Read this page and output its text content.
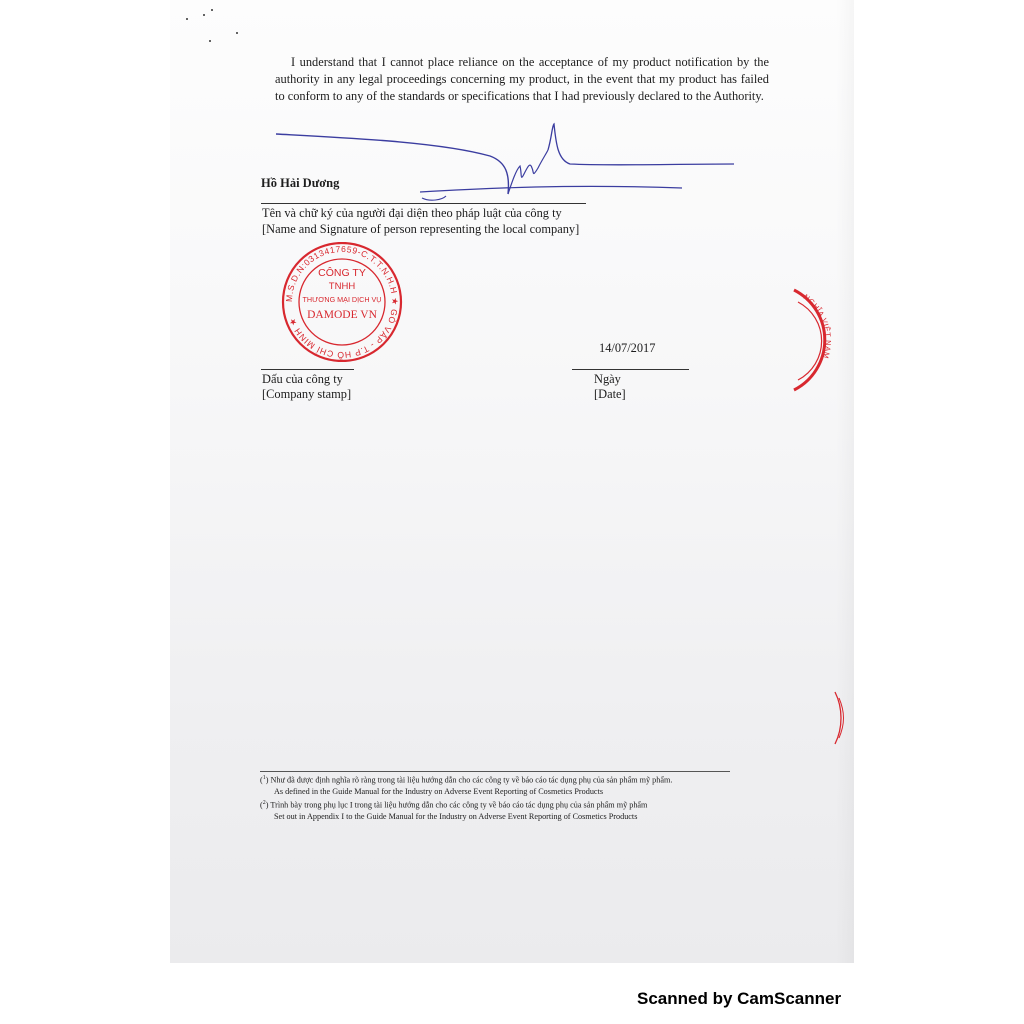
I understand that I cannot place reliance on the acceptance of my product notification by the authority in any legal proceedings concerning my product, in the event that my product has failed to conform to any of the standards or specifications that I had previously declared to the Authority.

Hồ Hải Dương
Tên và chữ ký của người đại diện theo pháp luật của công ty
[Name and Signature of person representing the local company]
M.S.D.N:0313417659-C.T.T.N.H.H ★ GÒ VẤP - T.P HỒ CHÍ MINH ★
CÔNG TY
TNHH
THƯƠNG MẠI DỊCH VỤ
DAMODE VN
14/07/2017
Dấu của công ty
[Company stamp]
Ngày
[Date]
NGHĨA VIỆT NAM
($^1$) Như đã được định nghĩa rõ ràng trong tài liệu hướng dẫn cho các công ty về báo cáo tác dụng phụ của sản phẩm mỹ phẩm.
As defined in the Guide Manual for the Industry on Adverse Event Reporting of Cosmetics Products
($^2$) Trình bày trong phụ lục I trong tài liệu hướng dẫn cho các công ty về báo cáo tác dụng phụ của sản phẩm mỹ phẩm
Set out in Appendix I to the Guide Manual for the Industry on Adverse Event Reporting of Cosmetics Products
Scanned by CamScanner
